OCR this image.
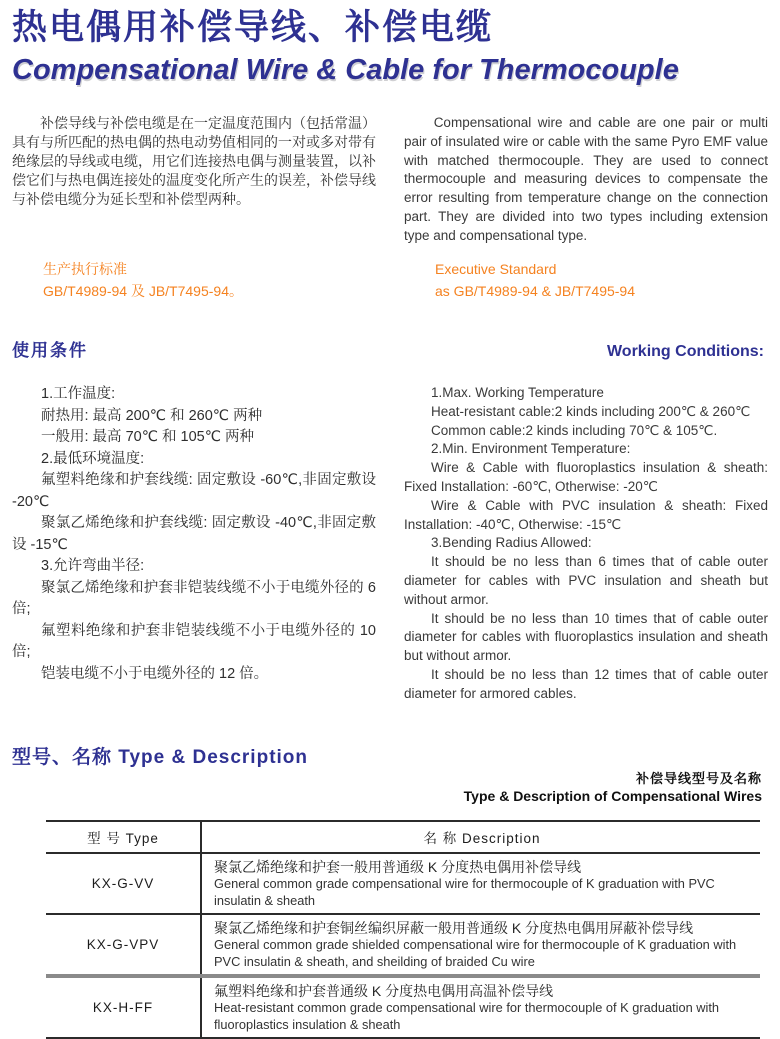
热电偶用补偿导线、补偿电缆
Compensational Wire & Cable for Thermocouple

补偿导线与补偿电缆是在一定温度范围内（包括常温）具有与所匹配的热电偶的热电动势值相同的一对或多对带有绝缘层的导线或电缆，用它们连接热电偶与测量装置，以补偿它们与热电偶连接处的温度变化所产生的误差，补偿导线与补偿电缆分为延长型和补偿型两种。

Compensational wire and cable are one pair or multi pair of insulated wire or cable with the same Pyro EMF value with matched thermocouple. They are used to connect thermocouple and measuring devices to compensate the error resulting from temperature change on the connection part. They are divided into two types including extension type and compensational type.

生产执行标准
GB/T4989-94 及 JB/T7495-94。
Executive Standard
as GB/T4989-94 & JB/T7495-94
使用条件	Working Conditions:

1.工作温度:

耐热用: 最高 200℃ 和 260℃ 两种

一般用: 最高 70℃ 和 105℃ 两种

2.最低环境温度:

氟塑料绝缘和护套线缆: 固定敷设 -60℃,非固定敷设 -20℃

聚氯乙烯绝缘和护套线缆: 固定敷设 -40℃,非固定敷设 -15℃

3.允许弯曲半径:

聚氯乙烯绝缘和护套非铠装线缆不小于电缆外径的 6 倍;

氟塑料绝缘和护套非铠装线缆不小于电缆外径的 10 倍;

铠装电缆不小于电缆外径的 12 倍。

1.Max. Working Temperature

Heat-resistant cable:2 kinds including 200℃ & 260℃

Common cable:2 kinds including 70℃ & 105℃.

2.Min. Environment Temperature:

Wire & Cable with fluoroplastics insulation & sheath: Fixed Installation: -60℃, Otherwise: -20℃

Wire & Cable with PVC insulation & sheath: Fixed Installation: -40℃, Otherwise: -15℃

3.Bending Radius Allowed:

It should be no less than 6 times that of cable outer diameter for cables with PVC insulation and sheath but without armor.

It should be no less than 10 times that of cable outer diameter for cables with fluoroplastics insulation and sheath but without armor.

It should be no less than 12 times that of cable outer diameter for armored cables.

型号、名称 Type & Description
补偿导线型号及名称
Type & Description of Compensational Wires
型 号 Type	名 称 Description
KX-G-VV
聚氯乙烯绝缘和护套一般用普通级 K 分度热电偶用补偿导线
General common grade compensational wire for thermocouple of K graduation with PVC insulatin & sheath
KX-G-VPV
聚氯乙烯绝缘和护套铜丝编织屏蔽一般用普通级 K 分度热电偶用屏蔽补偿导线
General common grade shielded compensational wire for thermocouple of K graduation with PVC insulatin & sheath, and sheilding of braided Cu wire
KX-H-FF
氟塑料绝缘和护套普通级 K 分度热电偶用高温补偿导线
Heat-resistant common grade compensational wire for thermocouple of K graduation with fluoroplastics insulation & sheath
